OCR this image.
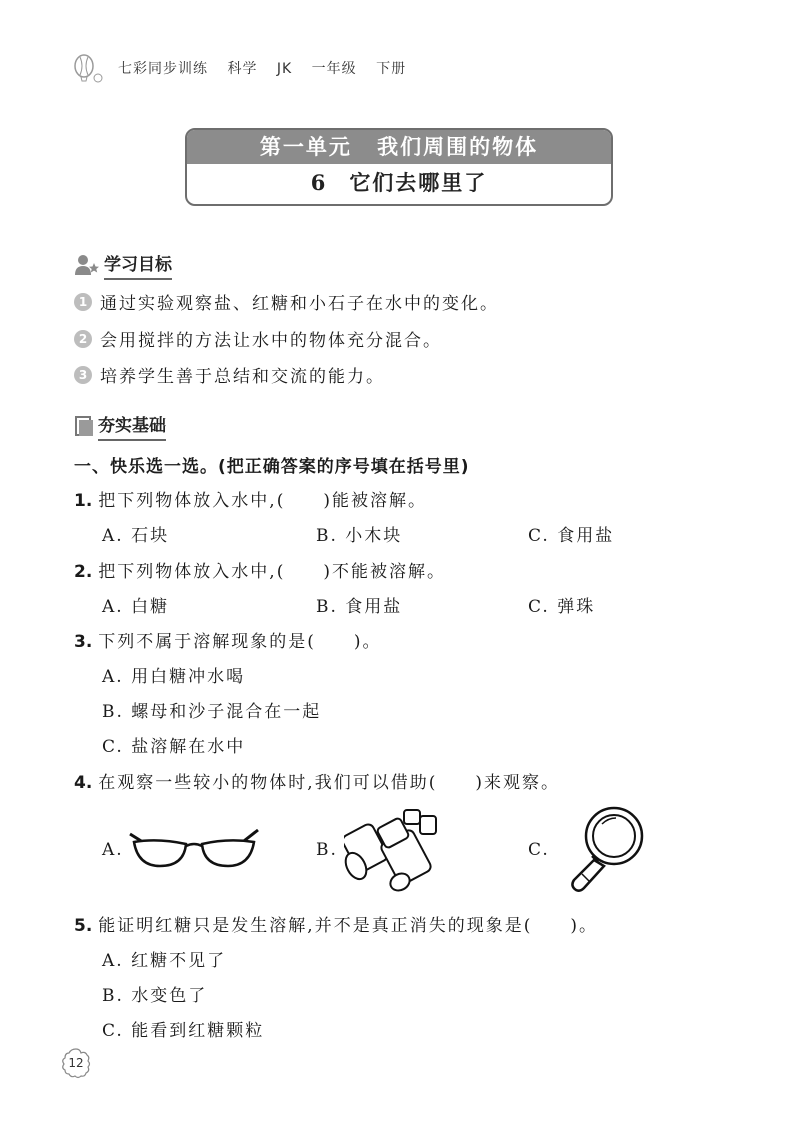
七彩同步训练 科学 JK 一年级 下册
第一单元 我们周围的物体
6 它们去哪里了
学习目标
1 通过实验观察盐、红糖和小石子在水中的变化。
2 会用搅拌的方法让水中的物体充分混合。
3 培养学生善于总结和交流的能力。
夯实基础
一、快乐选一选。(把正确答案的序号填在括号里)
1. 把下列物体放入水中,(　　)能被溶解。
A. 石块	B. 小木块	C. 食用盐
2. 把下列物体放入水中,(　　)不能被溶解。
A. 白糖	B. 食用盐	C. 弹珠
3. 下列不属于溶解现象的是(　　)。
A. 用白糖冲水喝
B. 螺母和沙子混合在一起
C. 盐溶解在水中
4. 在观察一些较小的物体时,我们可以借助(　　)来观察。
A.	B.	C.
5. 能证明红糖只是发生溶解,并不是真正消失的现象是(　　)。
A. 红糖不见了
B. 水变色了
C. 能看到红糖颗粒
12
